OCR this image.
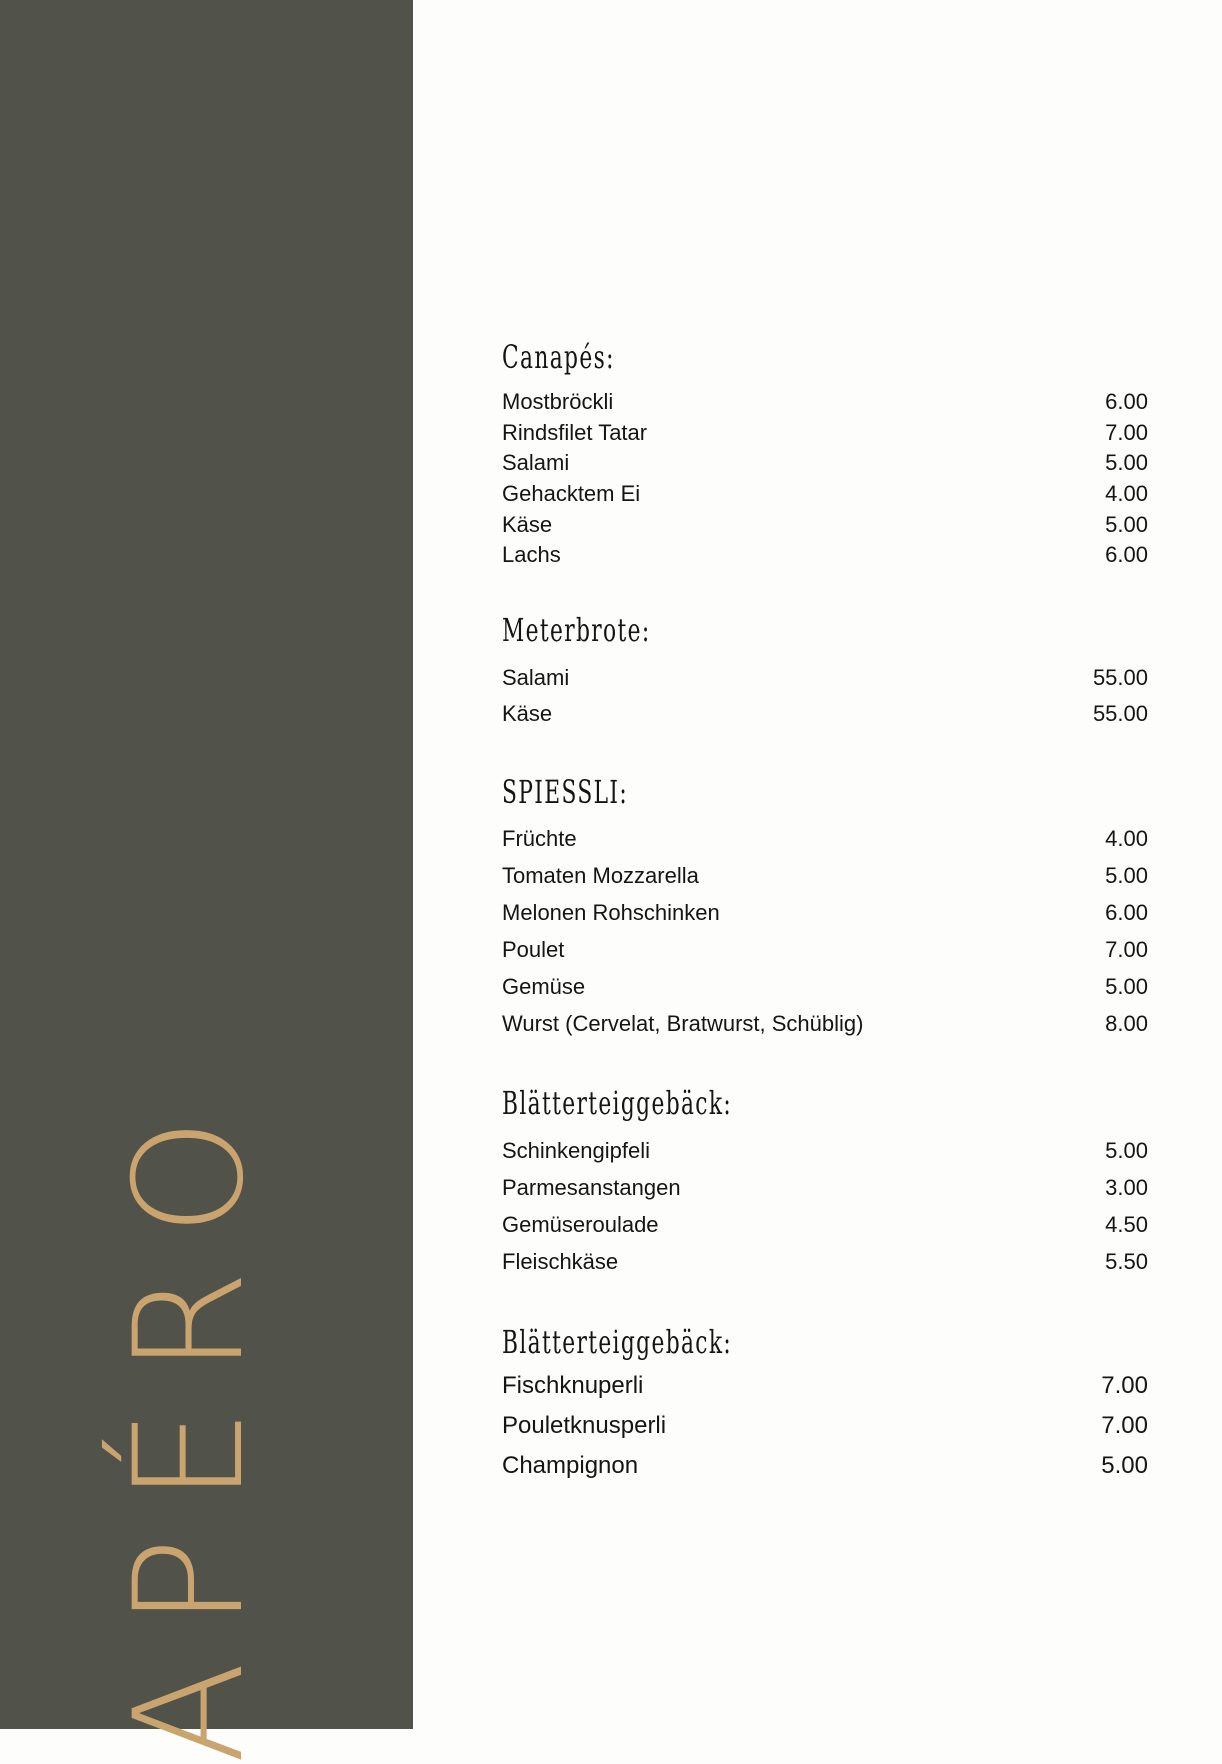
APÉRO
Canapés:
Mostbröckli	6.00
Rindsfilet Tatar	7.00
Salami	5.00
Gehacktem Ei	4.00
Käse	5.00
Lachs	6.00
Meterbrote:
Salami	55.00
Käse	55.00
SPIESSLI:
Früchte	4.00
Tomaten Mozzarella	5.00
Melonen Rohschinken	6.00
Poulet	7.00
Gemüse	5.00
Wurst (Cervelat, Bratwurst, Schüblig)	8.00
Blätterteiggebäck:
Schinkengipfeli	5.00
Parmesanstangen	3.00
Gemüseroulade	4.50
Fleischkäse	5.50
Blätterteiggebäck:
Fischknuperli	7.00
Pouletknusperli	7.00
Champignon	5.00
